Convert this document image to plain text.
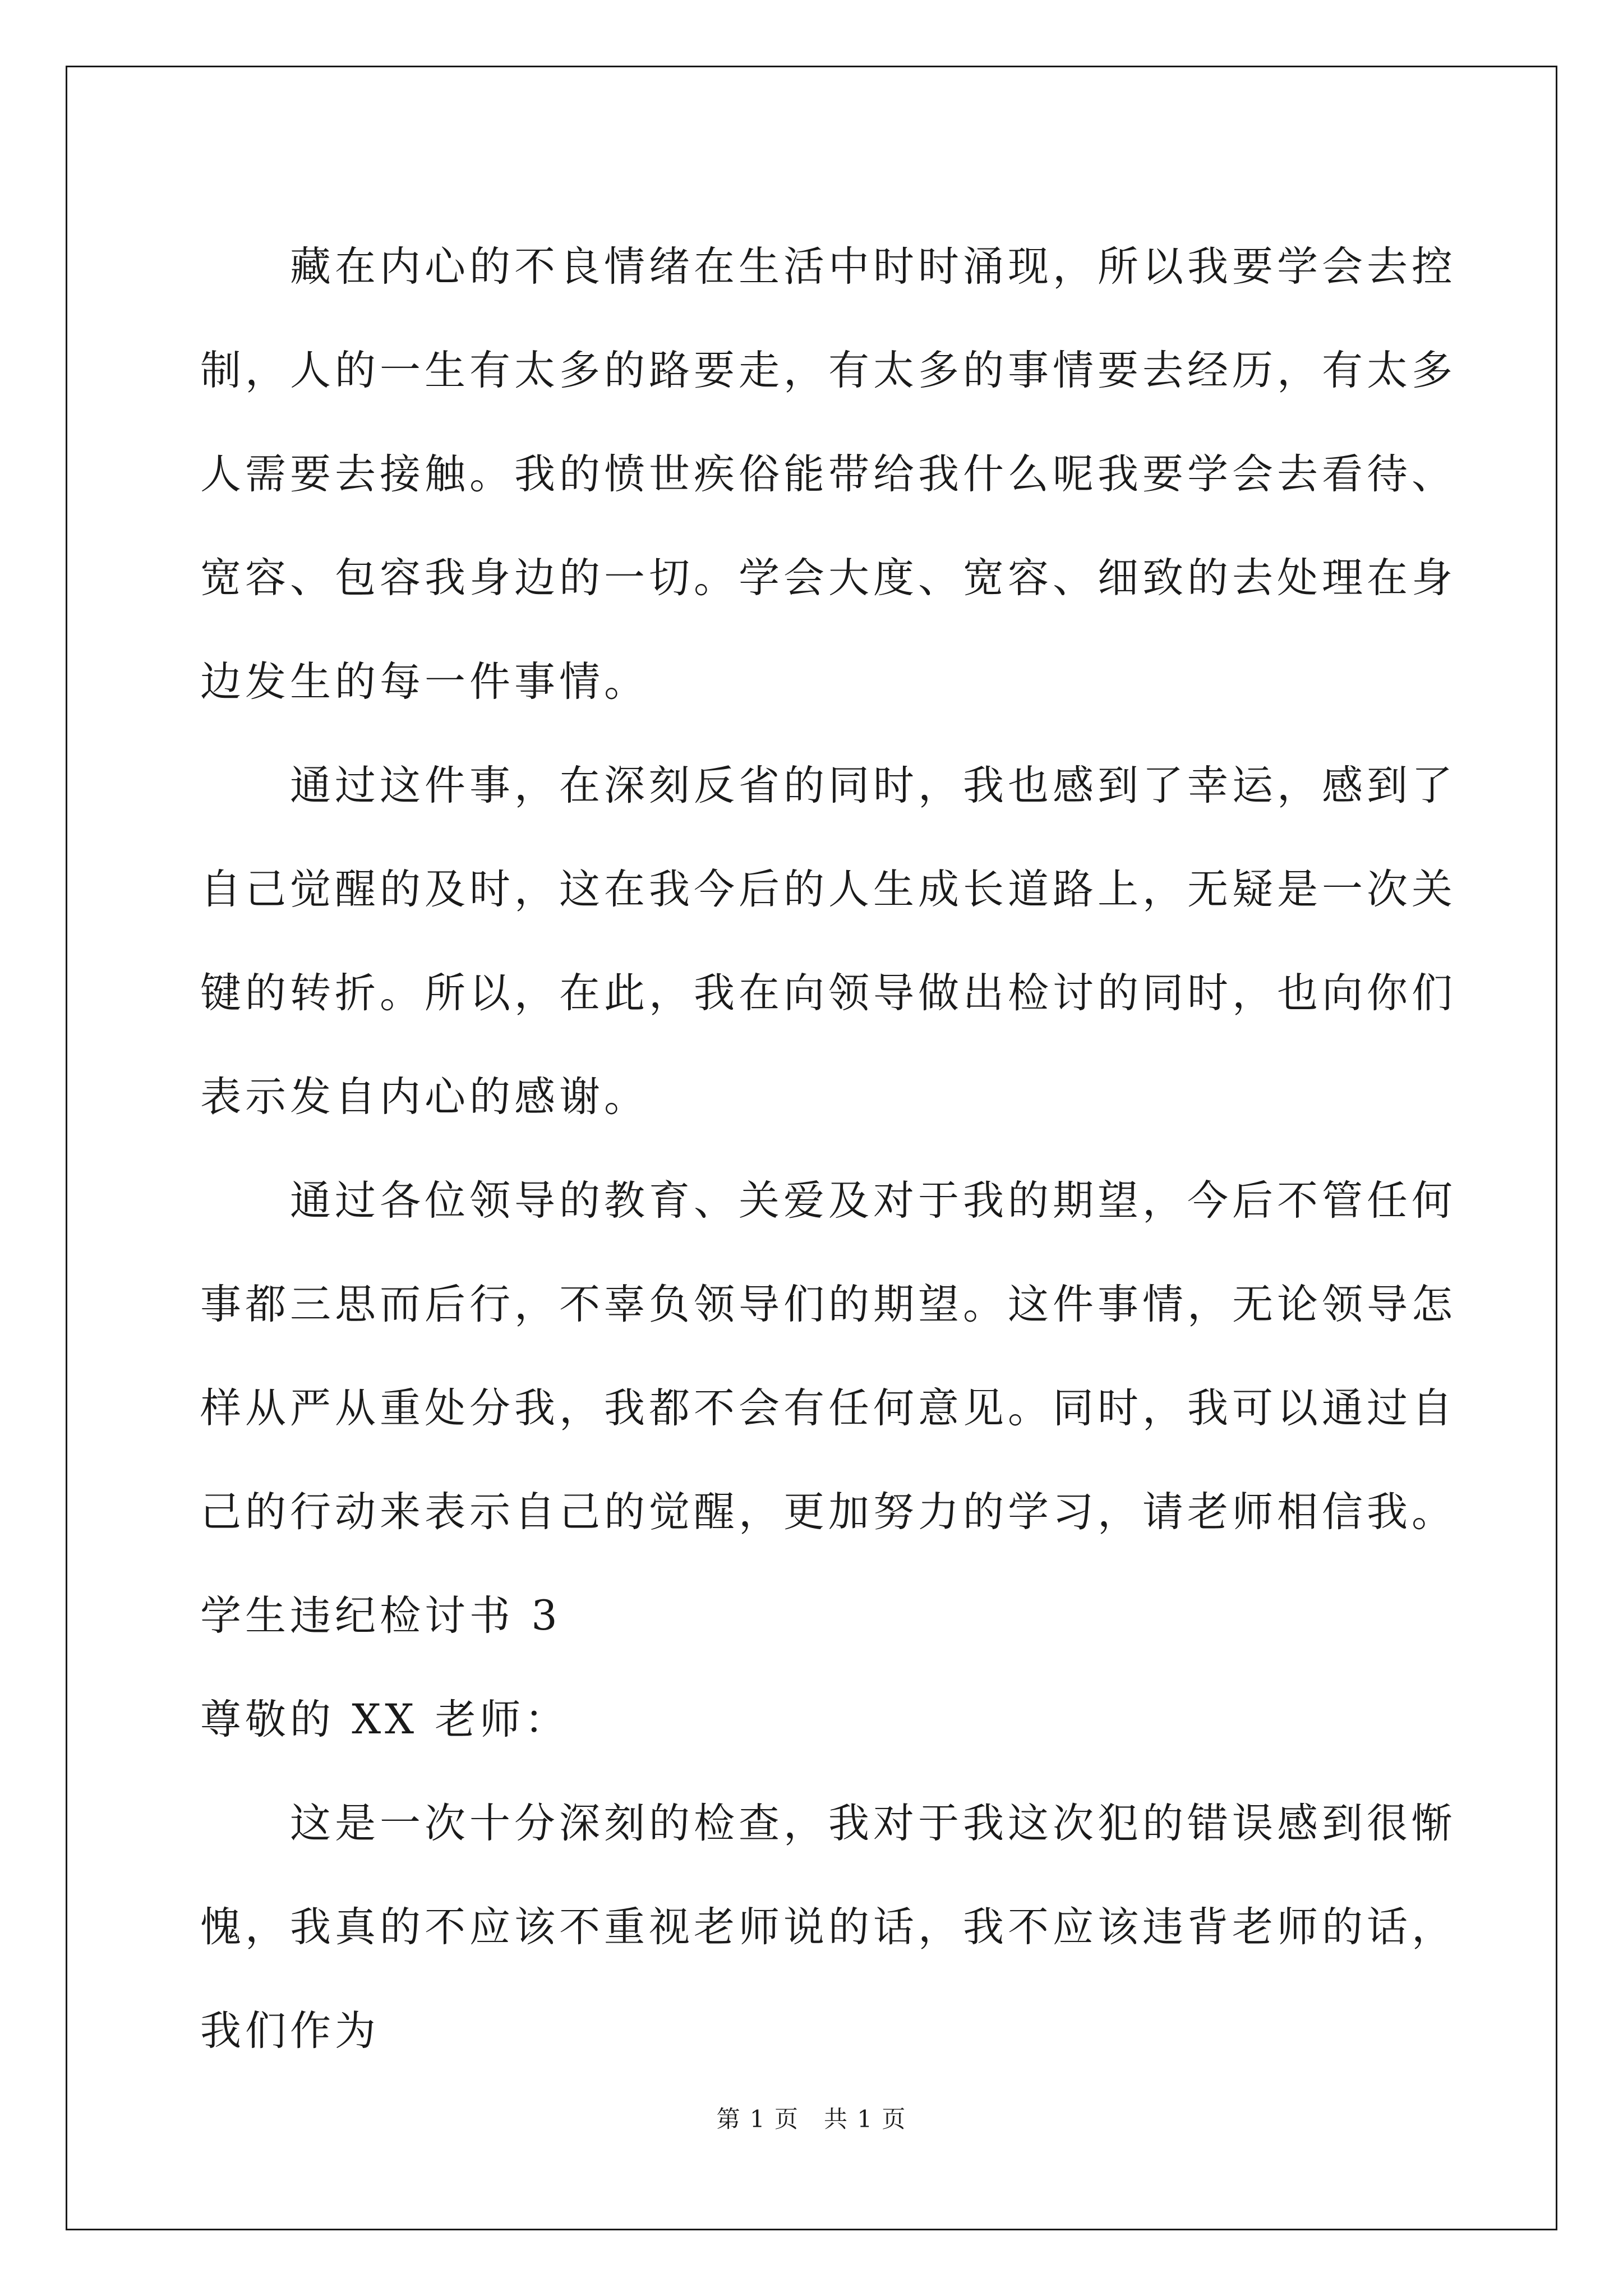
　　藏在内心的不良情绪在生活中时时涌现，所以我要学会去控制，人的一生有太多的路要走，有太多的事情要去经历，有太多人需要去接触。我的愤世疾俗能带给我什么呢我要学会去看待、宽容、包容我身边的一切。学会大度、宽容、细致的去处理在身边发生的每一件事情。

　　通过这件事，在深刻反省的同时，我也感到了幸运，感到了自己觉醒的及时，这在我今后的人生成长道路上，无疑是一次关键的转折。所以，在此，我在向领导做出检讨的同时，也向你们表示发自内心的感谢。

　　通过各位领导的教育、关爱及对于我的期望，今后不管任何事都三思而后行，不辜负领导们的期望。这件事情，无论领导怎样从严从重处分我，我都不会有任何意见。同时，我可以通过自己的行动来表示自己的觉醒，更加努力的学习，请老师相信我。

学生违纪检讨书 3

尊敬的 XX 老师：

　　这是一次十分深刻的检查，我对于我这次犯的错误感到很惭愧，我真的不应该不重视老师说的话，我不应该违背老师的话，我们作为

第 1 页　共 1 页
